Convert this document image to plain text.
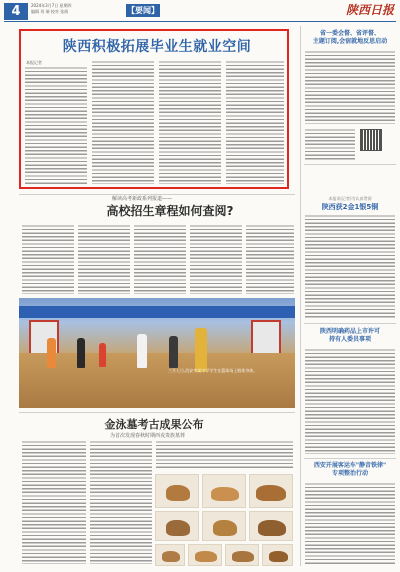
4	2024年3月7日 星期四
编辑 刘 瑞 校对 张倩	【要闻】	陕西日报
陕西积极拓展毕业生就业空间
本报记者
省一委会督、省评督、
主题订阅,会宿就地反思启动
本报讯(记者)为认真贯彻
陕西获2金1银5铜
陕西明确药品上市许可
持有人委员事项
西安开展客运车"静音铁律"
专项整治行动
解读高考新政系列报道——
高校招生章程如何查阅?
三月七日,西安市某中学学生在篮球场上锻炼身体。
金泳墓考古成果公布
为首次发现春秋时期西戎贵族墓葬
